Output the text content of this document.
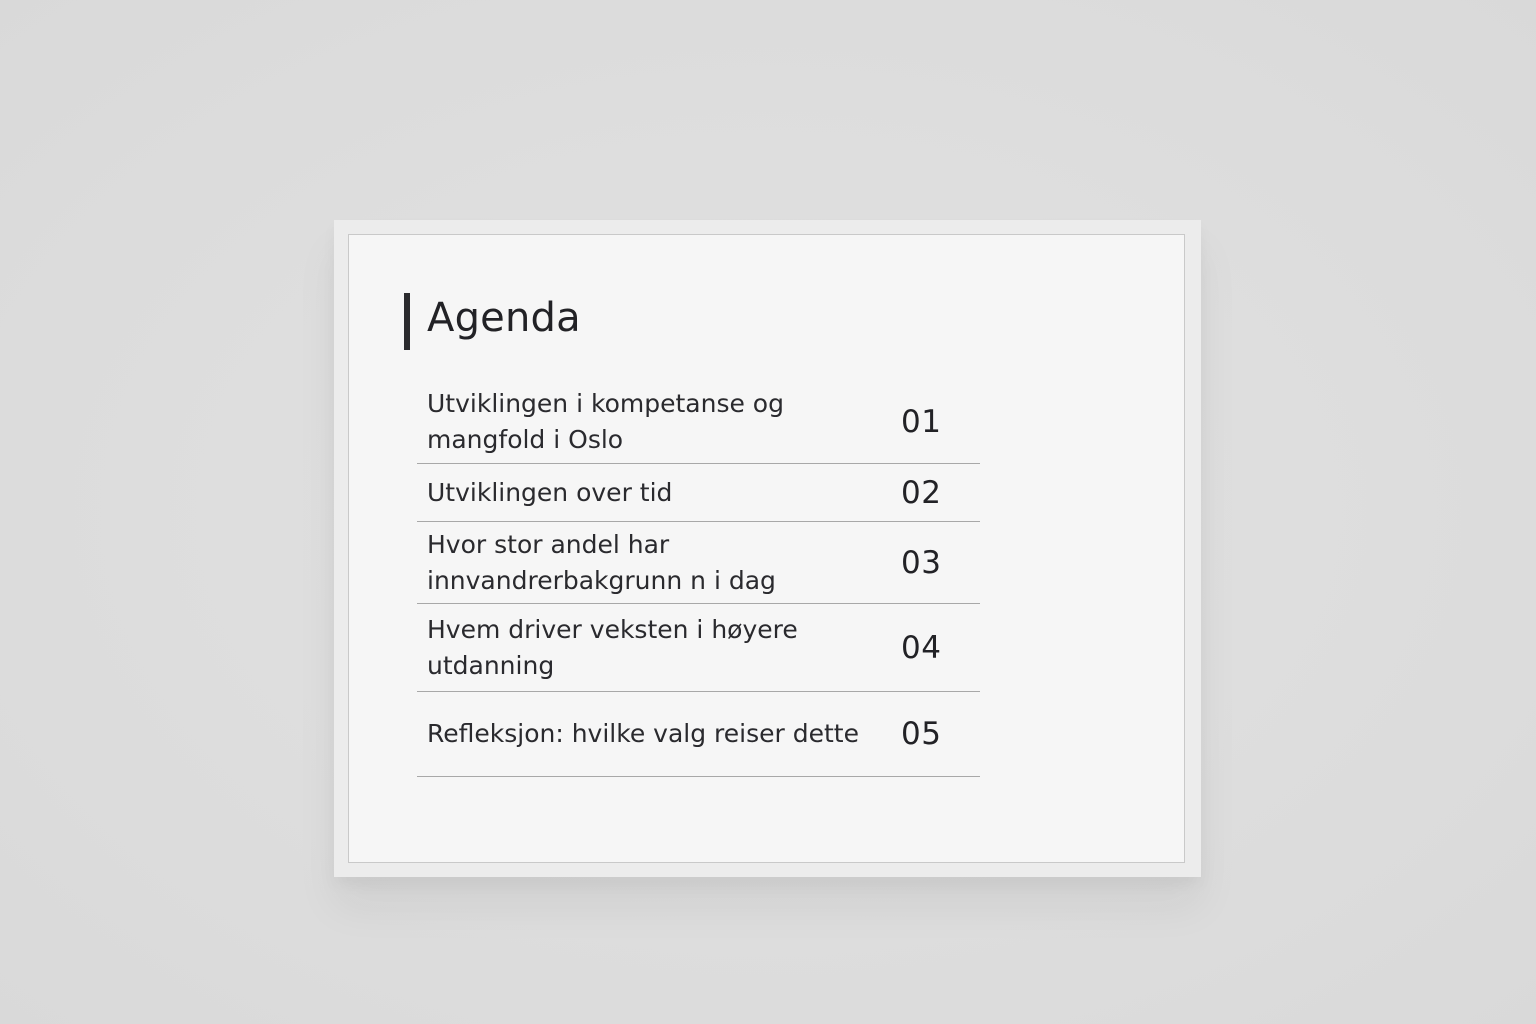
Agenda
Utviklingen i kompetanse og mangfold i Oslo	01
Utviklingen over tid	02
Hvor stor andel har innvandrerbakgrunn n i dag	03
Hvem driver veksten i høyere utdanning	04
Refleksjon: hvilke valg reiser dette 05
